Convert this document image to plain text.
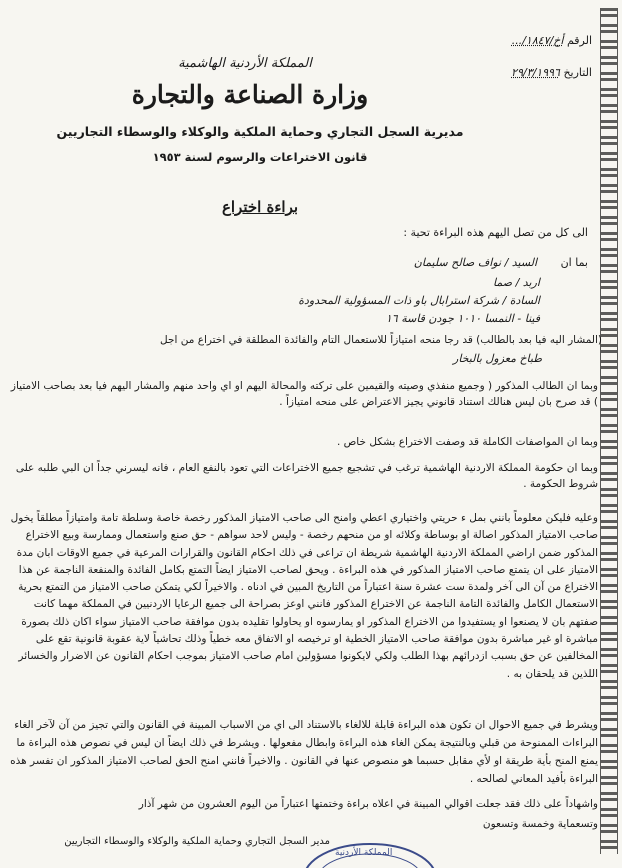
الرقم أخ/١٨٤٧/...
التاريخ ٢٩/٣/١٩٩٦
المملكة الأردنية الهاشمية
وزارة الصناعة والتجارة
مديرية السجل التجاري وحماية الملكية والوكلاء والوسطاء التجاريين
قانون الاختراعات والرسوم لسنة ١٩٥٣
براءة اختراع
الى كل من تصل اليهم هذه البراءة تحية :
بما ان السيد / نواف صالح سليمان
اربد / صما
السادة / شركة استرابال باو ذات المسؤولية المحدودة
فينا - النمسا ١٠١٠ جودن قاسة ١٦
(المشار اليه فيا بعد بالطالب) قد رجا منحه امتيازاً للاستعمال التام والفائدة المطلقة في اختراع من اجل
طباخ معزول بالبخار

وبما ان الطالب المذكور ( وجميع منفذي وصيته والقيمين على تركته والمحالة اليهم او اي واحد منهم والمشار اليهم فيا بعد بصاحب الامتياز ) قد صرح بان ليس هنالك استناد قانوني يجيز الاعتراض على منحه امتيازاً .

وبما ان المواصفات الكاملة قد وصفت الاختراع بشكل خاص .

وبما ان حكومة المملكة الاردنية الهاشمية ترغب في تشجيع جميع الاختراعات التي تعود بالنفع العام ، فانه ليسرني جداً ان البي طلبه على شروط الحكومة .

وعليه فليكن معلوماً بانني بمل ء حريتي واختياري اعطي وامنح الى صاحب الامتياز المذكور رخصة خاصة وسلطة تامة وامتيازاً مطلقاً يخول صاحب الامتياز المذكور اصالة او بوساطة وكلائه او من منحهم رخصة - وليس لاحد سواهم - حق صنع واستعمال وممارسة وبيع الاختراع المذكور ضمن اراضي المملكة الاردنية الهاشمية شريطة ان تراعى في ذلك احكام القانون والقرارات المرعية في جميع الاوقات ابان مدة الامتياز على ان يتمتع صاحب الامتياز المذكور في هذه البراءة . ويحق لصاحب الامتياز ايضاً التمتع بكامل الفائدة والمنفعة الناجمة عن هذا الاختراع من آن الى آخر ولمدة ست عشرة سنة اعتباراً من التاريخ المبين في ادناه . والاخيراً لكي يتمكن صاحب الامتياز من التمتع بحرية الاستعمال الكامل والفائدة التامة الناجمة عن الاختراع المذكور فانني اوعز بصراحة الى جميع الرعايا الاردنيين في المملكة مهما كانت صفتهم بان لا يصنعوا او يستفيدوا من الاختراع المذكور او يمارسوه او يحاولوا تقليده بدون موافقة صاحب الامتياز سواء اكان ذلك بصورة مباشرة او غير مباشرة بدون موافقة صاحب الامتياز الخطية او ترخيصه او الاتفاق معه خطياً وذلك تحاشياً لاية عقوبة قانونية تقع على المخالفين عن حق بسبب ازدرائهم بهذا الطلب ولكي لايكونوا مسؤولين امام صاحب الامتياز بموجب احكام القانون عن الاضرار والخسائر اللذين قد يلحقان به .

ويشرط في جميع الاحوال ان تكون هذه البراءة قابلة للالغاء بالاستناد الى اي من الاسباب المبينة في القانون والتي تجيز من آن لآخر الغاء البراءات الممنوحة من قبلي وبالنتيجة يمكن الغاء هذه البراءة وابطال مفعولها . ويشرط في ذلك ايضاً ان ليس في نصوص هذه البراءة ما يمنع المنح بأية طريقة او لأي مقابل حسبما هو منصوص عنها في القانون . والاخيراً فانني امنح الحق لصاحب الامتياز المذكور ان تفسر هذه البراءة بأفيد المعاني لصالحه .

واشهاداً على ذلك فقد جعلت اقوالي المبينة في اعلاه براءة وختمتها اعتباراً من اليوم العشرون من شهر آذار

وتسعماية وخمسة وتسعون

مدير السجل التجاري وحماية الملكية والوكلاء والوسطاء التجاريين
المملكة الأردنية
